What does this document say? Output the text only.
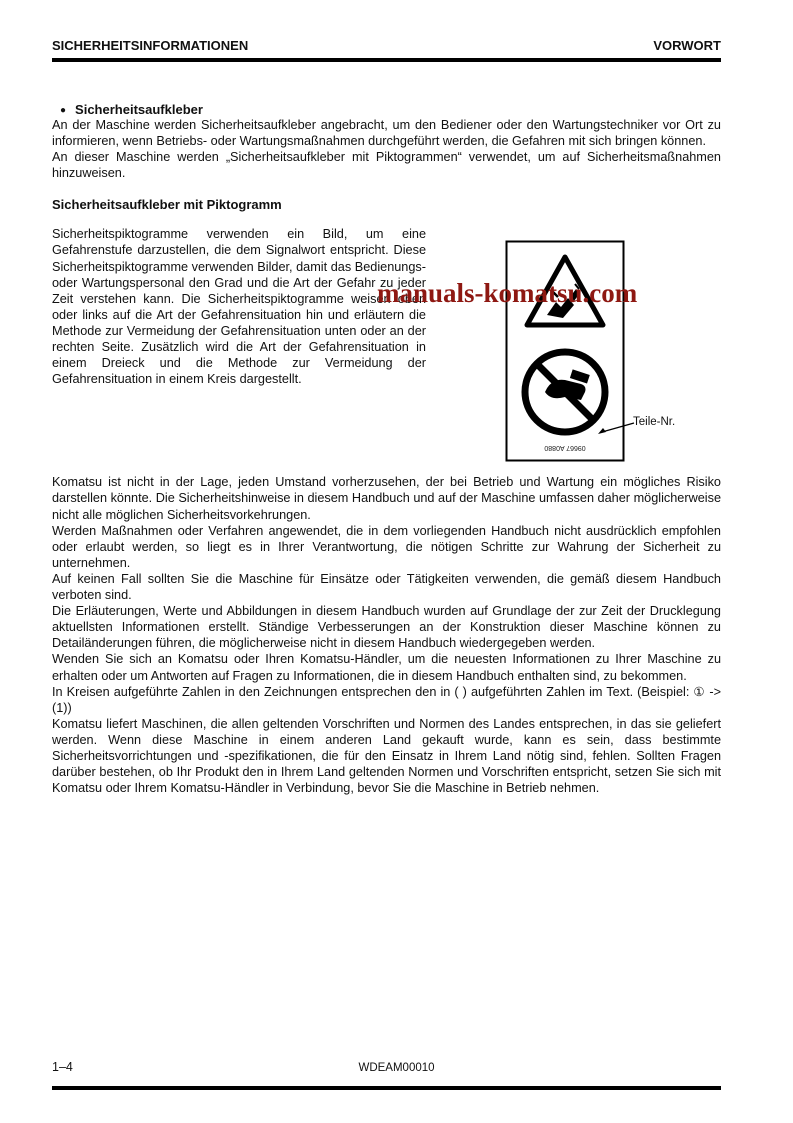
SICHERHEITSINFORMATIONEN	VORWORT
● Sicherheitsaufkleber

An der Maschine werden Sicherheitsaufkleber angebracht, um den Bediener oder den Wartungstechniker vor Ort zu informieren, wenn Betriebs- oder Wartungsmaßnahmen durchgeführt werden, die Gefahren mit sich bringen können.

An dieser Maschine werden „Sicherheitsaufkleber mit Piktogrammen“ verwendet, um auf Sicherheitsmaßnahmen hinzuweisen.

Sicherheitsaufkleber mit Piktogramm

Sicherheitspiktogramme verwenden ein Bild, um eine Gefahrenstufe darzustellen, die dem Signalwort entspricht. Diese Sicherheitspiktogramme verwenden Bilder, damit das Bedienungs- oder Wartungspersonal den Grad und die Art der Gefahr zu jeder Zeit verstehen kann. Die Sicherheitspiktogramme weisen oben oder links auf die Art der Gefahrensituation hin und erläutern die Methode zur Vermeidung der Gefahrensituation unten oder an der rechten Seite. Zusätzlich wird die Art der Gefahrensituation in einem Dreieck und die Methode zur Vermeidung der Gefahrensituation in einem Kreis dargestellt.

09667 A0880
Teile-Nr.

Komatsu ist nicht in der Lage, jeden Umstand vorherzusehen, der bei Betrieb und Wartung ein mögliches Risiko darstellen könnte. Die Sicherheitshinweise in diesem Handbuch und auf der Maschine umfassen daher möglicherweise nicht alle möglichen Sicherheitsvorkehrungen.

Werden Maßnahmen oder Verfahren angewendet, die in dem vorliegenden Handbuch nicht ausdrücklich empfohlen oder erlaubt werden, so liegt es in Ihrer Verantwortung, die nötigen Schritte zur Wahrung der Sicherheit zu unternehmen.

Auf keinen Fall sollten Sie die Maschine für Einsätze oder Tätigkeiten verwenden, die gemäß diesem Handbuch verboten sind.

Die Erläuterungen, Werte und Abbildungen in diesem Handbuch wurden auf Grundlage der zur Zeit der Drucklegung aktuellsten Informationen erstellt. Ständige Verbesserungen an der Konstruktion dieser Maschine können zu Detailänderungen führen, die möglicherweise nicht in diesem Handbuch wiedergegeben werden.

Wenden Sie sich an Komatsu oder Ihren Komatsu-Händler, um die neuesten Informationen zu Ihrer Maschine zu erhalten oder um Antworten auf Fragen zu Informationen, die in diesem Handbuch enthalten sind, zu bekommen.

In Kreisen aufgeführte Zahlen in den Zeichnungen entsprechen den in ( ) aufgeführten Zahlen im Text. (Beispiel: ① -> (1))

Komatsu liefert Maschinen, die allen geltenden Vorschriften und Normen des Landes entsprechen, in das sie geliefert werden. Wenn diese Maschine in einem anderen Land gekauft wurde, kann es sein, dass bestimmte Sicherheitsvorrichtungen und -spezifikationen, die für den Einsatz in Ihrem Land nötig sind, fehlen. Sollten Fragen darüber bestehen, ob Ihr Produkt den in Ihrem Land geltenden Normen und Vorschriften entspricht, setzen Sie sich mit Komatsu oder Ihrem Komatsu-Händler in Verbindung, bevor Sie die Maschine in Betrieb nehmen.

manuals-komatsu.com
1–4	WDEAM00010
